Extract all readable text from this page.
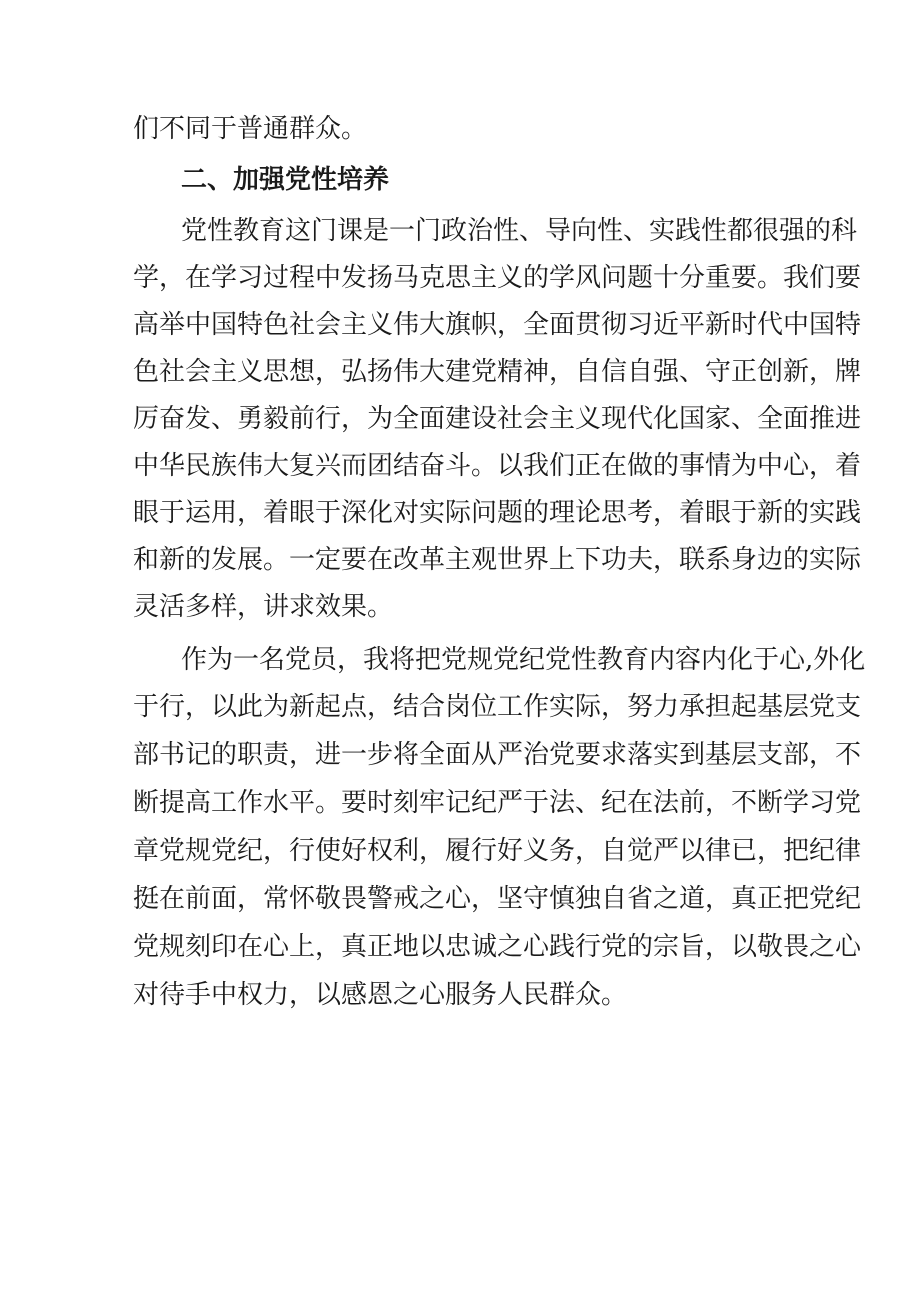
们不同于普通群众。
二、加强党性培养
党性教育这门课是一门政治性、导向性、实践性都很强的科
学，在学习过程中发扬马克思主义的学风问题十分重要。我们要
高举中国特色社会主义伟大旗帜，全面贯彻习近平新时代中国特
色社会主义思想，弘扬伟大建党精神，自信自强、守正创新，牌
厉奋发、勇毅前行，为全面建设社会主义现代化国家、全面推进
中华民族伟大复兴而团结奋斗。以我们正在做的事情为中心，着
眼于运用，着眼于深化对实际问题的理论思考，着眼于新的实践
和新的发展。一定要在改革主观世界上下功夫，联系身边的实际
灵活多样，讲求效果。
作为一名党员，我将把党规党纪党性教育内容内化于心,外化
于行，以此为新起点，结合岗位工作实际，努力承担起基层党支
部书记的职责，进一步将全面从严治党要求落实到基层支部，不
断提高工作水平。要时刻牢记纪严于法、纪在法前，不断学习党
章党规党纪，行使好权利，履行好义务，自觉严以律已，把纪律
挺在前面，常怀敬畏警戒之心，坚守慎独自省之道，真正把党纪
党规刻印在心上，真正地以忠诚之心践行党的宗旨，以敬畏之心
对待手中权力，以感恩之心服务人民群众。
